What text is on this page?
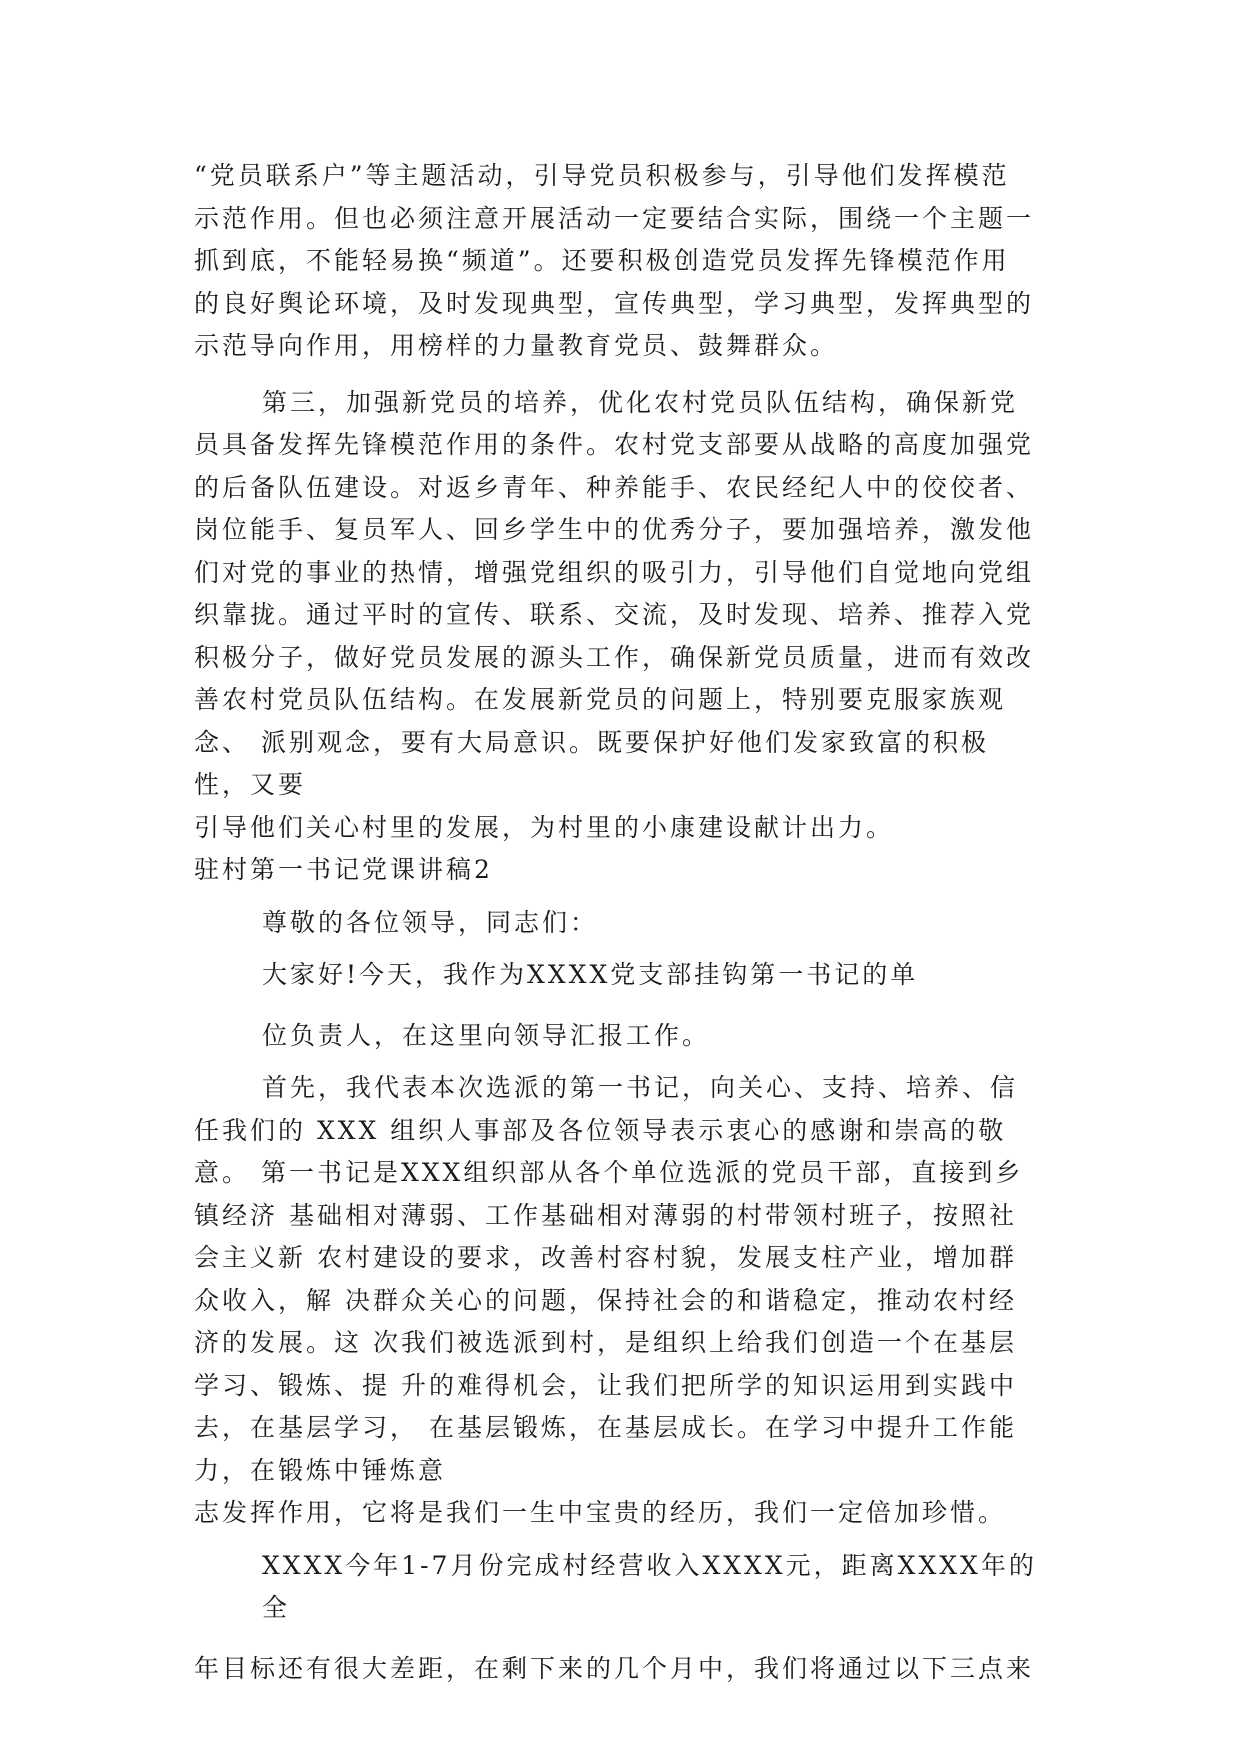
“党员联系户”等主题活动，引导党员积极参与，引导他们发挥模范
示范作用。但也必须注意开展活动一定要结合实际，围绕一个主题一
抓到底，不能轻易换“频道”。还要积极创造党员发挥先锋模范作用
的良好舆论环境，及时发现典型，宣传典型，学习典型，发挥典型的
示范导向作用，用榜样的力量教育党员、鼓舞群众。
第三，加强新党员的培养，优化农村党员队伍结构，确保新党
员具备发挥先锋模范作用的条件。农村党支部要从战略的高度加强党
的后备队伍建设。对返乡青年、种养能手、农民经纪人中的佼佼者、
岗位能手、复员军人、回乡学生中的优秀分子，要加强培养，激发他
们对党的事业的热情，增强党组织的吸引力，引导他们自觉地向党组
织靠拢。通过平时的宣传、联系、交流，及时发现、培养、推荐入党
积极分子，做好党员发展的源头工作，确保新党员质量，进而有效改
善农村党员队伍结构。在发展新党员的问题上，特别要克服家族观
念、 派别观念，要有大局意识。既要保护好他们发家致富的积极
性，又要
引导他们关心村里的发展，为村里的小康建设献计出力。
驻村第一书记党课讲稿2
尊敬的各位领导，同志们：
大家好!今天，我作为XXXX党支部挂钩第一书记的单
位负责人，在这里向领导汇报工作。
首先，我代表本次选派的第一书记，向关心、支持、培养、信
任我们的 XXX 组织人事部及各位领导表示衷心的感谢和崇高的敬
意。 第一书记是XXX组织部从各个单位选派的党员干部，直接到乡
镇经济 基础相对薄弱、工作基础相对薄弱的村带领村班子，按照社
会主义新 农村建设的要求，改善村容村貌，发展支柱产业，增加群
众收入，解 决群众关心的问题，保持社会的和谐稳定，推动农村经
济的发展。这 次我们被选派到村，是组织上给我们创造一个在基层
学习、锻炼、提 升的难得机会，让我们把所学的知识运用到实践中
去，在基层学习， 在基层锻炼，在基层成长。在学习中提升工作能
力，在锻炼中锤炼意
志发挥作用，它将是我们一生中宝贵的经历，我们一定倍加珍惜。
XXXX今年1-7月份完成村经营收入XXXX元，距离XXXX年的
全
年目标还有很大差距，在剩下来的几个月中，我们将通过以下三点来
